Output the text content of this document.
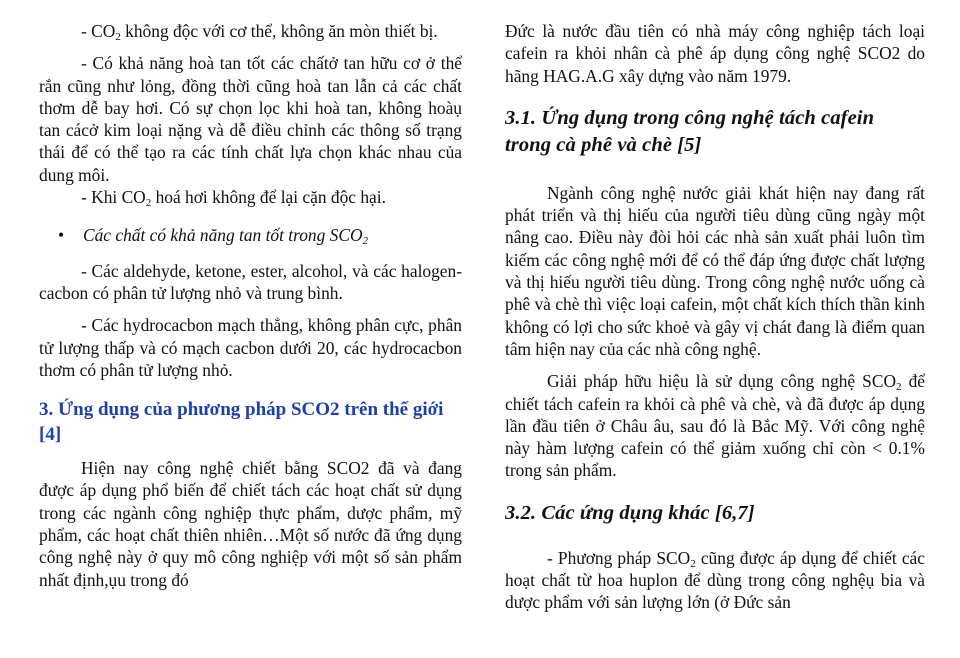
- $CO_2$ không độc với cơ thể, không ăn mòn thiết bị.

- Có khả năng hoà tan tốt các chấtở tan hữu cơ ở thể rắn cũng như lỏng, đồng thời cũng hoà tan lẫn cả các chất thơm dễ bay hơi. Có sự chọn lọc khi hoà tan, không hoàụ tan cácở kim loại nặng và dễ điều chỉnh các thông số trạng thái để có thể tạo ra các tính chất lựa chọn khác nhau của dung môi.

- Khi $CO_2$ hoá hơi không để lại cặn độc hại.

• Các chất có khả năng tan tốt trong $SCO_2$

- Các aldehyde, ketone, ester, alcohol, và các halogen-cacbon có phân tử lượng nhỏ và trung bình.

- Các hydrocacbon mạch thẳng, không phân cực, phân tử lượng thấp và có mạch cacbon dưới 20, các hydrocacbon thơm có phân tử lượng nhỏ.

3. Ứng dụng của phương pháp SCO2 trên thế giới [4]

Hiện nay công nghệ chiết bằng SCO2 đã và đang được áp dụng phổ biến để chiết tách các hoạt chất sử dụng trong các ngành công nghiệp thực phẩm, dược phẩm, mỹ phẩm, các hoạt chất thiên nhiên…Một số nước đã ứng dụng công nghệ này ở quy mô công nghiệp với một số sản phẩm nhất định,ụu trong đó

Đức là nước đầu tiên có nhà máy công nghiệp tách loại cafein ra khỏi nhân cà phê áp dụng công nghệ SCO2 do hãng HAG.A.G xây dựng vào năm 1979.

3.1. Ứng dụng trong công nghệ tách cafein trong cà phê và chè [5]

Ngành công nghệ nước giải khát hiện nay đang rất phát triển và thị hiếu của người tiêu dùng cũng ngày một nâng cao. Điều này đòi hỏi các nhà sản xuất phải luôn tìm kiếm các công nghệ mới để có thể đáp ứng được chất lượng và thị hiếu người tiêu dùng. Trong công nghệ nước uống cà phê và chè thì việc loại cafein, một chất kích thích thần kinh không có lợi cho sức khoẻ và gây vị chát đang là điểm quan tâm hiện nay của các nhà công nghệ.

Giải pháp hữu hiệu là sử dụng công nghệ $SCO_2$ để chiết tách cafein ra khỏi cà phê và chè, và đã được áp dụng lần đầu tiên ở Châu âu, sau đó là Bắc Mỹ. Với công nghệ này hàm lượng cafein có thể giảm xuống chỉ còn < 0.1% trong sản phẩm.

3.2. Các ứng dụng khác [6,7]

- Phương pháp $SCO_2$ cũng được áp dụng để chiết các hoạt chất từ hoa huplon để dùng trong công nghệụ bia và dược phẩm với sản lượng lớn (ở Đức sản
